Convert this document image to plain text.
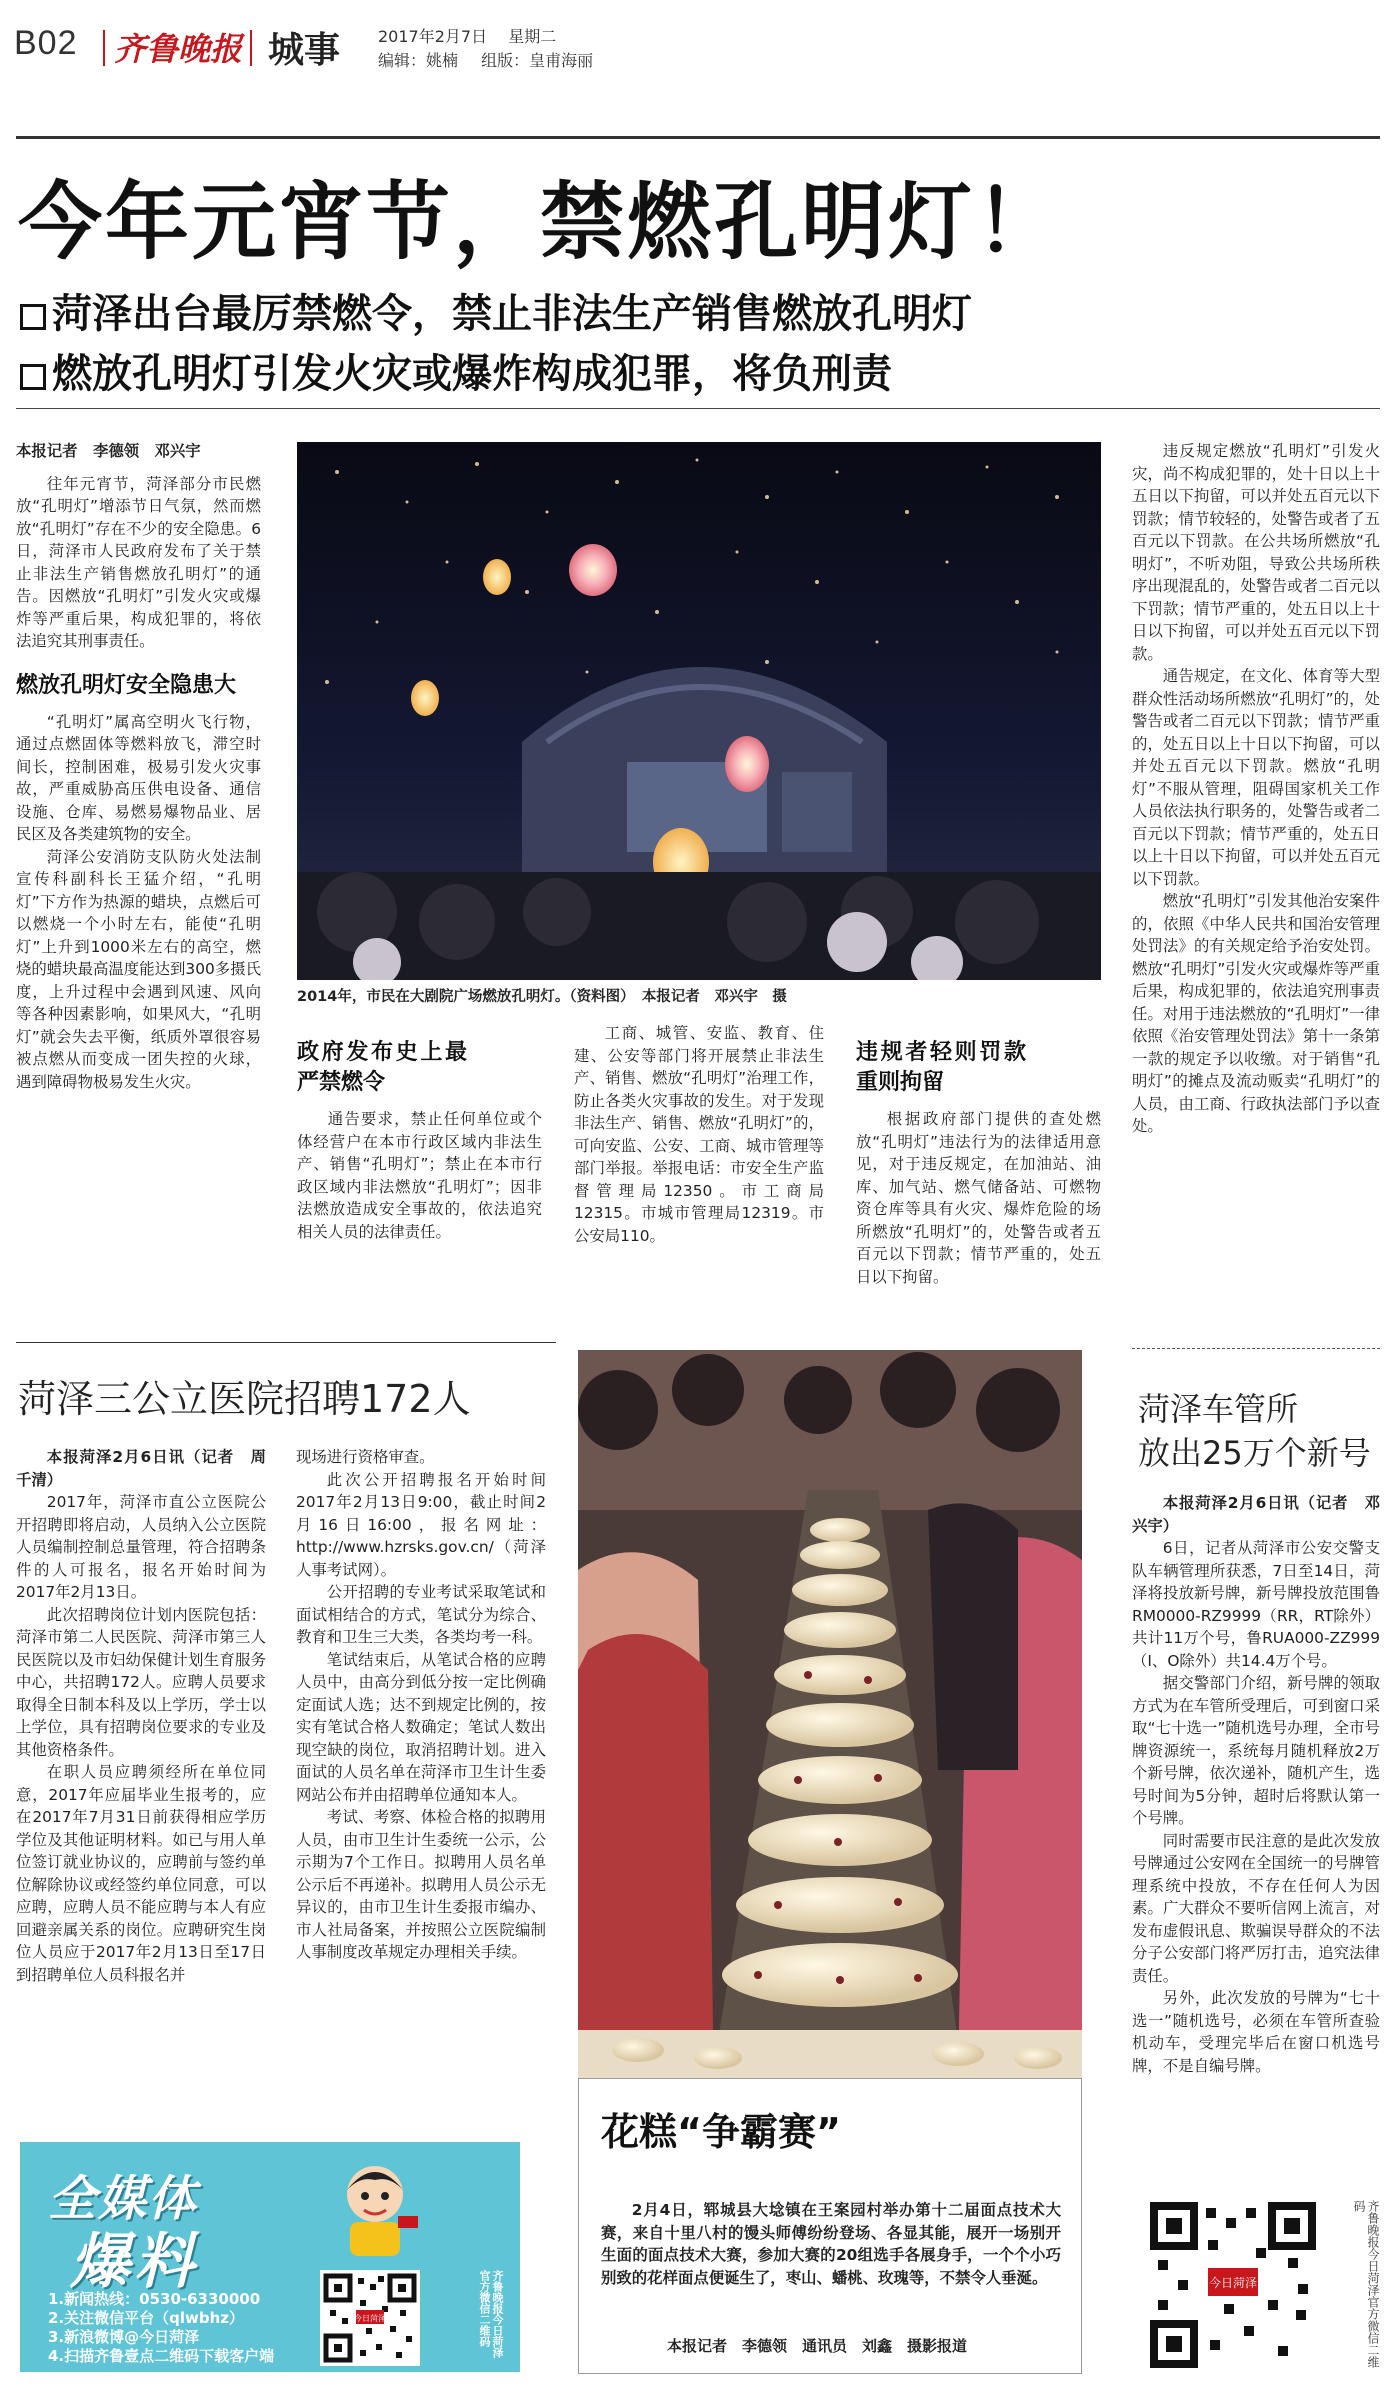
B02 齐鲁晚报 城事 2017年2月7日 星期二
编辑：姚楠 组版：皇甫海丽
今年元宵节，禁燃孔明灯！
菏泽出台最厉禁燃令，禁止非法生产销售燃放孔明灯
燃放孔明灯引发火灾或爆炸构成犯罪，将负刑责

本报记者　李德领　邓兴宇

往年元宵节，菏泽部分市民燃放“孔明灯”增添节日气氛，然而燃放“孔明灯”存在不少的安全隐患。6日，菏泽市人民政府发布了关于禁止非法生产销售燃放孔明灯”的通告。因燃放“孔明灯”引发火灾或爆炸等严重后果，构成犯罪的，将依法追究其刑事责任。

燃放孔明灯安全隐患大

“孔明灯”属高空明火飞行物，通过点燃固体等燃料放飞，滞空时间长，控制困难，极易引发火灾事故，严重威胁高压供电设备、通信设施、仓库、易燃易爆物品业、居民区及各类建筑物的安全。

菏泽公安消防支队防火处法制宣传科副科长王猛介绍，“孔明灯”下方作为热源的蜡块，点燃后可以燃烧一个小时左右，能使“孔明灯”上升到1000米左右的高空，燃烧的蜡块最高温度能达到300多摄氏度，上升过程中会遇到风速、风向等各种因素影响，如果风大，“孔明灯”就会失去平衡，纸质外罩很容易被点燃从而变成一团失控的火球，遇到障碍物极易发生火灾。

2014年，市民在大剧院广场燃放孔明灯。（资料图）　本报记者　邓兴宇　摄
政府发布史上最严禁燃令

通告要求，禁止任何单位或个体经营户在本市行政区域内非法生产、销售“孔明灯”；禁止在本市行政区域内非法燃放“孔明灯”；因非法燃放造成安全事故的，依法追究相关人员的法律责任。

工商、城管、安监、教育、住建、公安等部门将开展禁止非法生产、销售、燃放“孔明灯”治理工作，防止各类火灾事故的发生。对于发现非法生产、销售、燃放“孔明灯”的，可向安监、公安、工商、城市管理等部门举报。举报电话：市安全生产监督管理局12350。市工商局12315。市城市管理局12319。市公安局110。

违规者轻则罚款重则拘留

根据政府部门提供的查处燃放“孔明灯”违法行为的法律适用意见，对于违反规定，在加油站、油库、加气站、燃气储备站、可燃物资仓库等具有火灾、爆炸危险的场所燃放“孔明灯”的，处警告或者五百元以下罚款；情节严重的，处五日以下拘留。

违反规定燃放“孔明灯”引发火灾，尚不构成犯罪的，处十日以上十五日以下拘留，可以并处五百元以下罚款；情节较轻的，处警告或者了五百元以下罚款。在公共场所燃放“孔明灯”，不听劝阻，导致公共场所秩序出现混乱的，处警告或者二百元以下罚款；情节严重的，处五日以上十日以下拘留，可以并处五百元以下罚款。

通告规定，在文化、体育等大型群众性活动场所燃放“孔明灯”的，处警告或者二百元以下罚款；情节严重的，处五日以上十日以下拘留，可以并处五百元以下罚款。燃放“孔明灯”不服从管理，阻碍国家机关工作人员依法执行职务的，处警告或者二百元以下罚款；情节严重的，处五日以上十日以下拘留，可以并处五百元以下罚款。

燃放“孔明灯”引发其他治安案件的，依照《中华人民共和国治安管理处罚法》的有关规定给予治安处罚。燃放“孔明灯”引发火灾或爆炸等严重后果，构成犯罪的，依法追究刑事责任。对用于违法燃放的“孔明灯”一律依照《治安管理处罚法》第十一条第一款的规定予以收缴。对于销售“孔明灯”的摊点及流动贩卖“孔明灯”的人员，由工商、行政执法部门予以查处。

菏泽三公立医院招聘172人

本报菏泽2月6日讯（记者　周千清）

2017年，菏泽市直公立医院公开招聘即将启动，人员纳入公立医院人员编制控制总量管理，符合招聘条件的人可报名，报名开始时间为2017年2月13日。

此次招聘岗位计划内医院包括：菏泽市第二人民医院、菏泽市第三人民医院以及市妇幼保健计划生育服务中心，共招聘172人。应聘人员要求取得全日制本科及以上学历，学士以上学位，具有招聘岗位要求的专业及其他资格条件。

在职人员应聘须经所在单位同意，2017年应届毕业生报考的，应在2017年7月31日前获得相应学历学位及其他证明材料。如已与用人单位签订就业协议的，应聘前与签约单位解除协议或经签约单位同意，可以应聘，应聘人员不能应聘与本人有应回避亲属关系的岗位。应聘研究生岗位人员应于2017年2月13日至17日到招聘单位人员科报名并

现场进行资格审查。

此次公开招聘报名开始时间2017年2月13日9:00，截止时间2月16日16:00，报名网址：http://www.hzrsks.gov.cn/（菏泽人事考试网）。

公开招聘的专业考试采取笔试和面试相结合的方式，笔试分为综合、教育和卫生三大类，各类均考一科。

笔试结束后，从笔试合格的应聘人员中，由高分到低分按一定比例确定面试人选；达不到规定比例的，按实有笔试合格人数确定；笔试人数出现空缺的岗位，取消招聘计划。进入面试的人员名单在菏泽市卫生计生委网站公布并由招聘单位通知本人。

考试、考察、体检合格的拟聘用人员，由市卫生计生委统一公示，公示期为7个工作日。拟聘用人员名单公示后不再递补。拟聘用人员公示无异议的，由市卫生计生委报市编办、市人社局备案，并按照公立医院编制人事制度改革规定办理相关手续。

全媒体
爆料
1.新闻热线：0530-6330000
2.关注微信平台（qlwbhz）
3.新浪微博@今日菏泽
4.扫描齐鲁壹点二维码下载客户端
今日菏泽	齐鲁晚报今日菏泽官方微信二维码
花糕“争霸赛”

2月4日，郓城县大埝镇在王案园村举办第十二届面点技术大赛，来自十里八村的馒头师傅纷纷登场、各显其能，展开一场别开生面的面点技术大赛，参加大赛的20组选手各展身手，一个个小巧别致的花样面点便诞生了，枣山、蟠桃、玫瑰等，不禁令人垂涎。

本报记者　李德领　通讯员　刘鑫　摄影报道
菏泽车管所
放出25万个新号

本报菏泽2月6日讯（记者　邓兴宇）

6日，记者从菏泽市公安交警支队车辆管理所获悉，7日至14日，菏泽将投放新号牌，新号牌投放范围鲁RM0000-RZ9999（RR，RT除外）共计11万个号，鲁RUA000-ZZ999（I、O除外）共14.4万个号。

据交警部门介绍，新号牌的领取方式为在车管所受理后，可到窗口采取“七十选一”随机选号办理，全市号牌资源统一，系统每月随机释放2万个新号牌，依次递补，随机产生，选号时间为5分钟，超时后将默认第一个号牌。

同时需要市民注意的是此次发放号牌通过公安网在全国统一的号牌管理系统中投放，不存在任何人为因素。广大群众不要听信网上流言，对发布虚假讯息、欺骗误导群众的不法分子公安部门将严厉打击，追究法律责任。

另外，此次发放的号牌为“七十选一”随机选号，必须在车管所查验机动车，受理完毕后在窗口机选号牌，不是自编号牌。

今日菏泽	齐鲁晚报今日菏泽官方微信二维码
